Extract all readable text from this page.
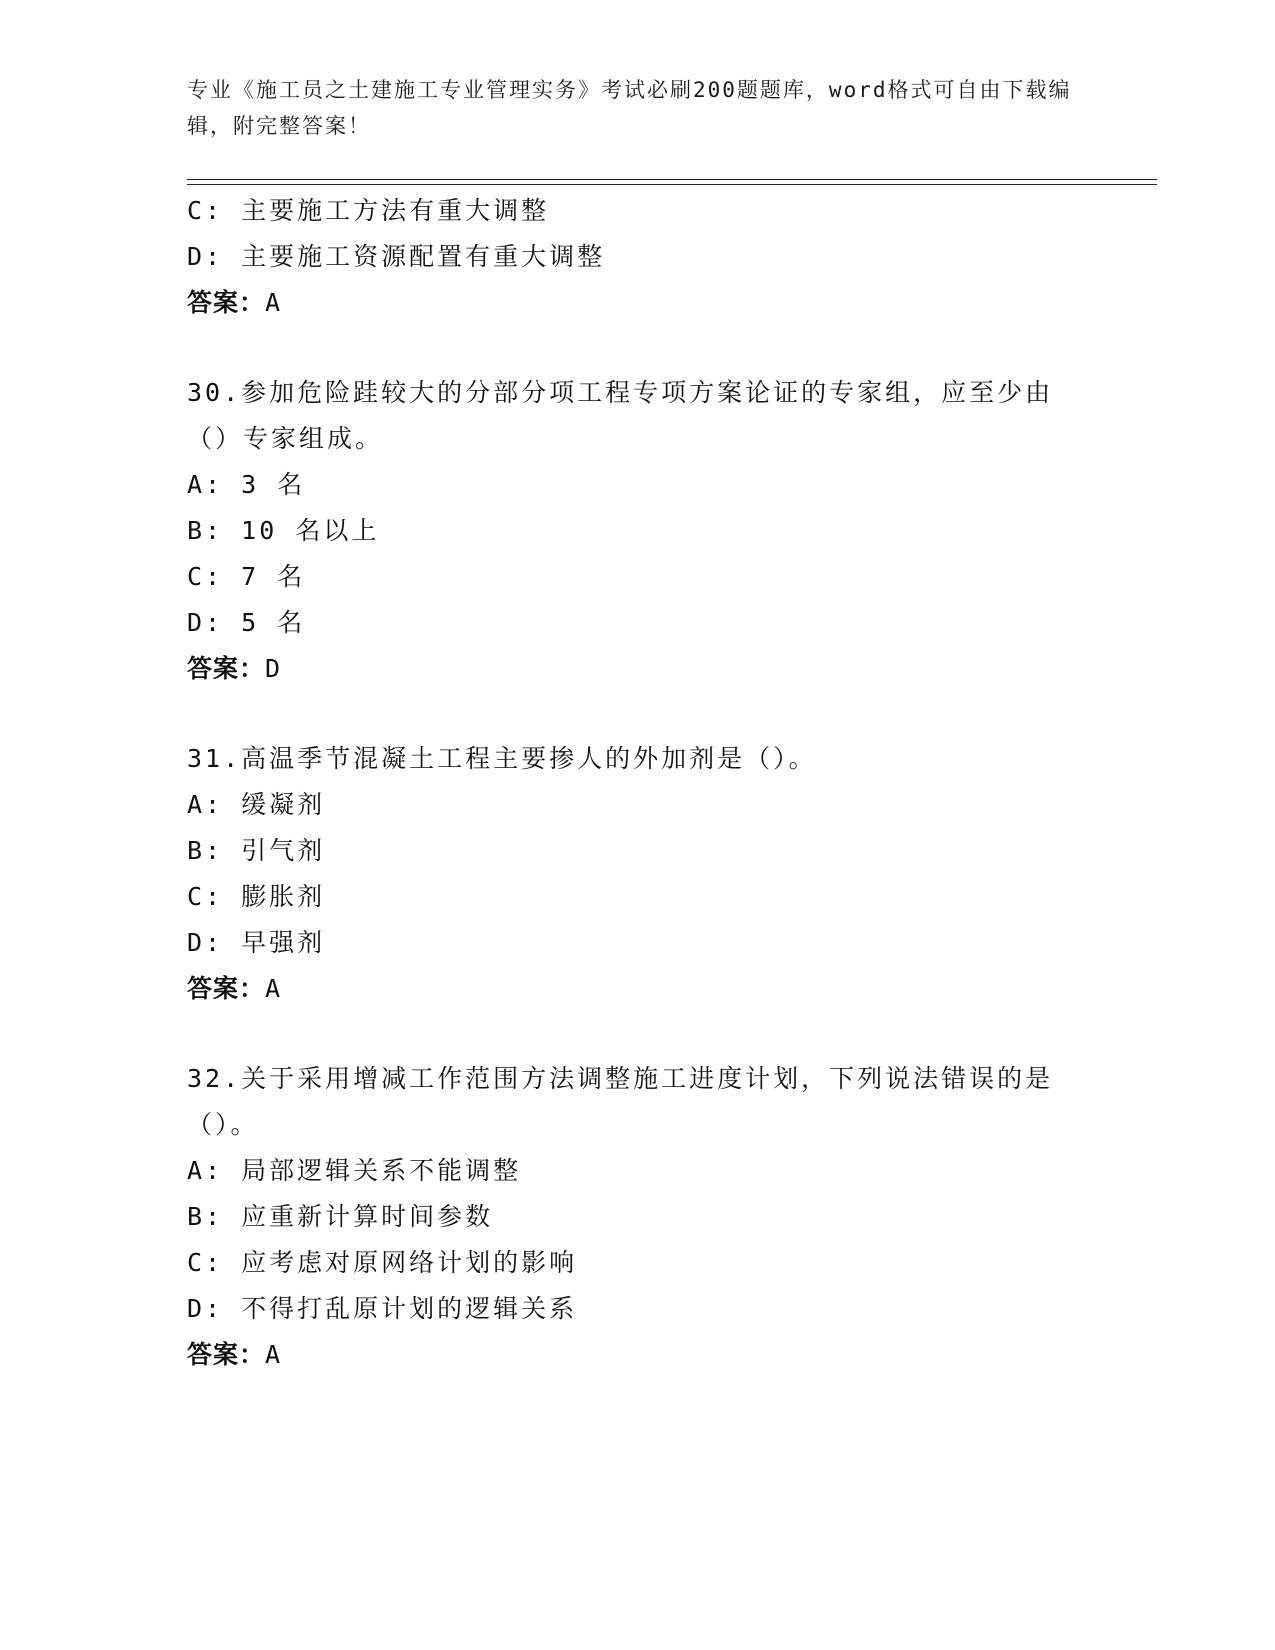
专业《施工员之土建施工专业管理实务》考试必刷200题题库，word格式可自由下载编辑，附完整答案！
C: 主要施工方法有重大调整
D: 主要施工资源配置有重大调整
答案：A
30.参加危险跬较大的分部分项工程专项方案论证的专家组，应至少由
（）专家组成。
A: 3 名
B: 10 名以上
C: 7 名
D: 5 名
答案：D
31.高温季节混凝土工程主要掺人的外加剂是（）。
A: 缓凝剂
B: 引气剂
C: 膨胀剂
D: 早强剂
答案：A
32.关于采用增减工作范围方法调整施工进度计划，下列说法错误的是
（）。
A: 局部逻辑关系不能调整
B: 应重新计算时间参数
C: 应考虑对原网络计划的影响
D: 不得打乱原计划的逻辑关系
答案：A
